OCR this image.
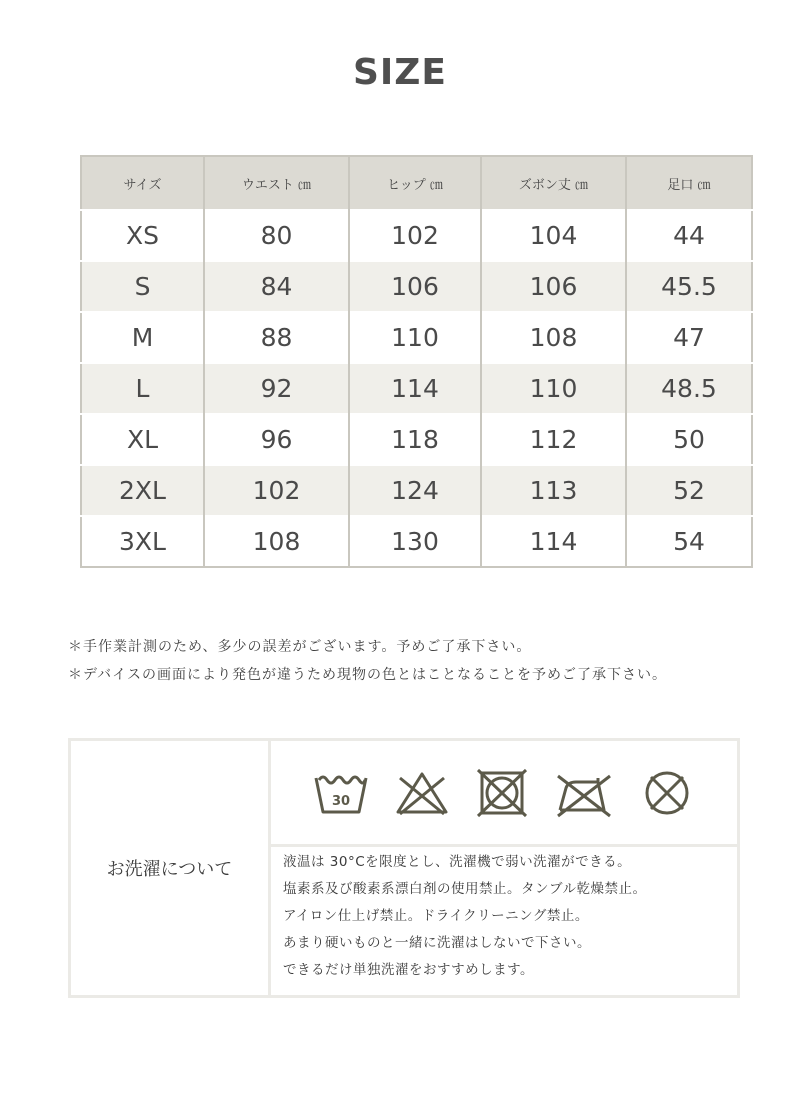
SIZE
サイズ	ウエスト ㎝	ヒップ ㎝	ズボン丈 ㎝	足口 ㎝
XS	80	102	104	44
S	84	106	106	45.5
M	88	110	108	47
L	92	114	110	48.5
XL	96	118	112	50
2XL	102	124	113	52
3XL	108	130	114	54
＊手作業計測のため、多少の誤差がございます。予めご了承下さい。
＊デバイスの画面により発色が違うため現物の色とはことなることを予めご了承下さい。
お洗濯について
30
液温は 30°Cを限度とし、洗濯機で弱い洗濯ができる。
塩素系及び酸素系漂白剤の使用禁止。タンブル乾燥禁止。
アイロン仕上げ禁止。ドライクリーニング禁止。
あまり硬いものと一緒に洗濯はしないで下さい。
できるだけ単独洗濯をおすすめします。
